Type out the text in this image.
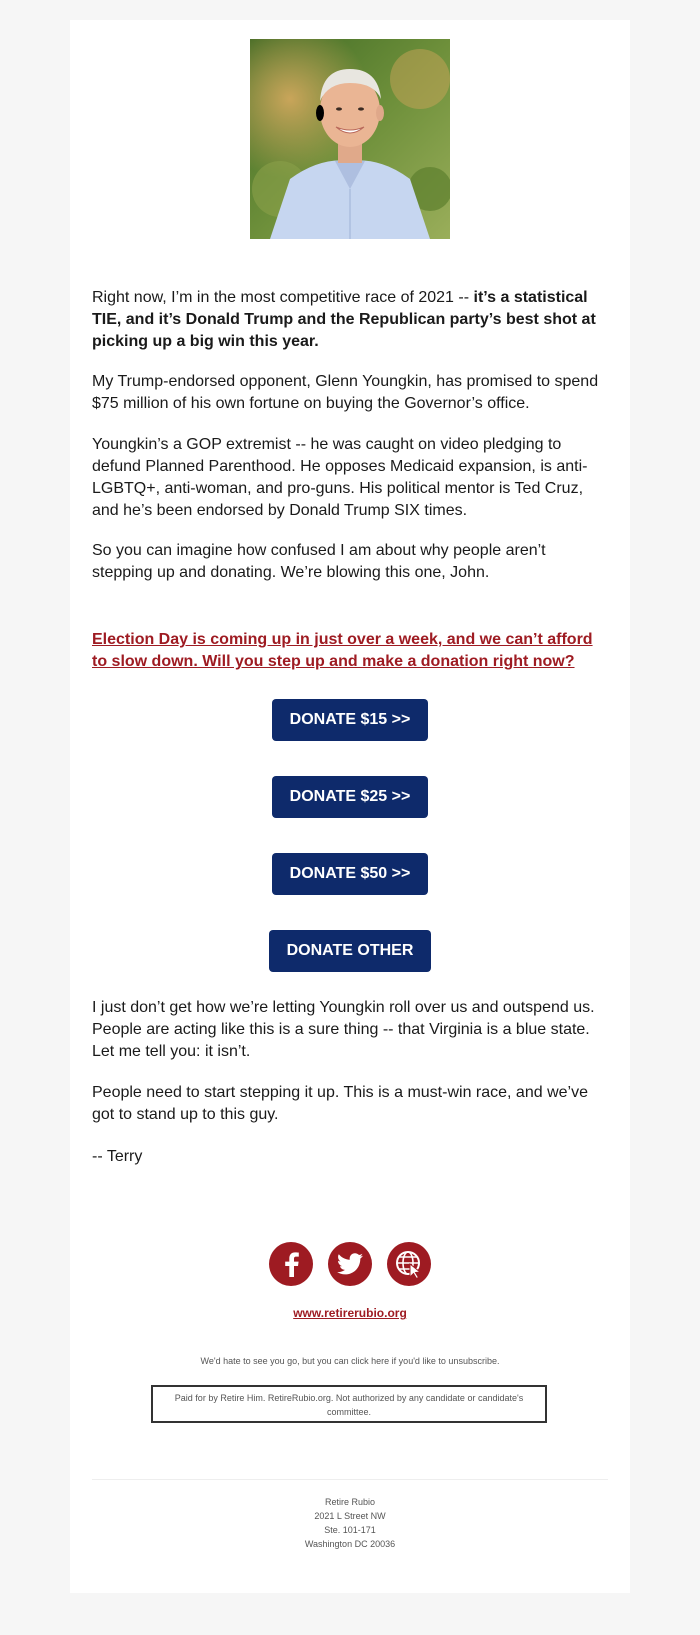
Right now, I’m in the most competitive race of 2021 -- it’s a statistical TIE, and it’s Donald Trump and the Republican party’s best shot at picking up a big win this year.

My Trump-endorsed opponent, Glenn Youngkin, has promised to spend $75 million of his own fortune on buying the Governor’s office.

Youngkin’s a GOP extremist -- he was caught on video pledging to defund Planned Parenthood. He opposes Medicaid expansion, is anti-LGBTQ+, anti-woman, and pro-guns. His political mentor is Ted Cruz, and he’s been endorsed by Donald Trump SIX times.

So you can imagine how confused I am about why people aren’t stepping up and donating. We’re blowing this one, John.

Election Day is coming up in just over a week, and we can’t afford to slow down. Will you step up and make a donation right now?
DONATE $15 >>
DONATE $25 >>
DONATE $50 >>
DONATE OTHER

I just don’t get how we’re letting Youngkin roll over us and outspend us. People are acting like this is a sure thing -- that Virginia is a blue state. Let me tell you: it isn’t.

People need to start stepping it up. This is a must-win race, and we’ve got to stand up to this guy.

-- Terry

www.retirerubio.org
We'd hate to see you go, but you can click here if you'd like to unsubscribe.
Paid for by Retire Him. RetireRubio.org. Not authorized by any candidate or candidate's committee.
Retire Rubio
2021 L Street NW
Ste. 101-171
Washington DC 20036
